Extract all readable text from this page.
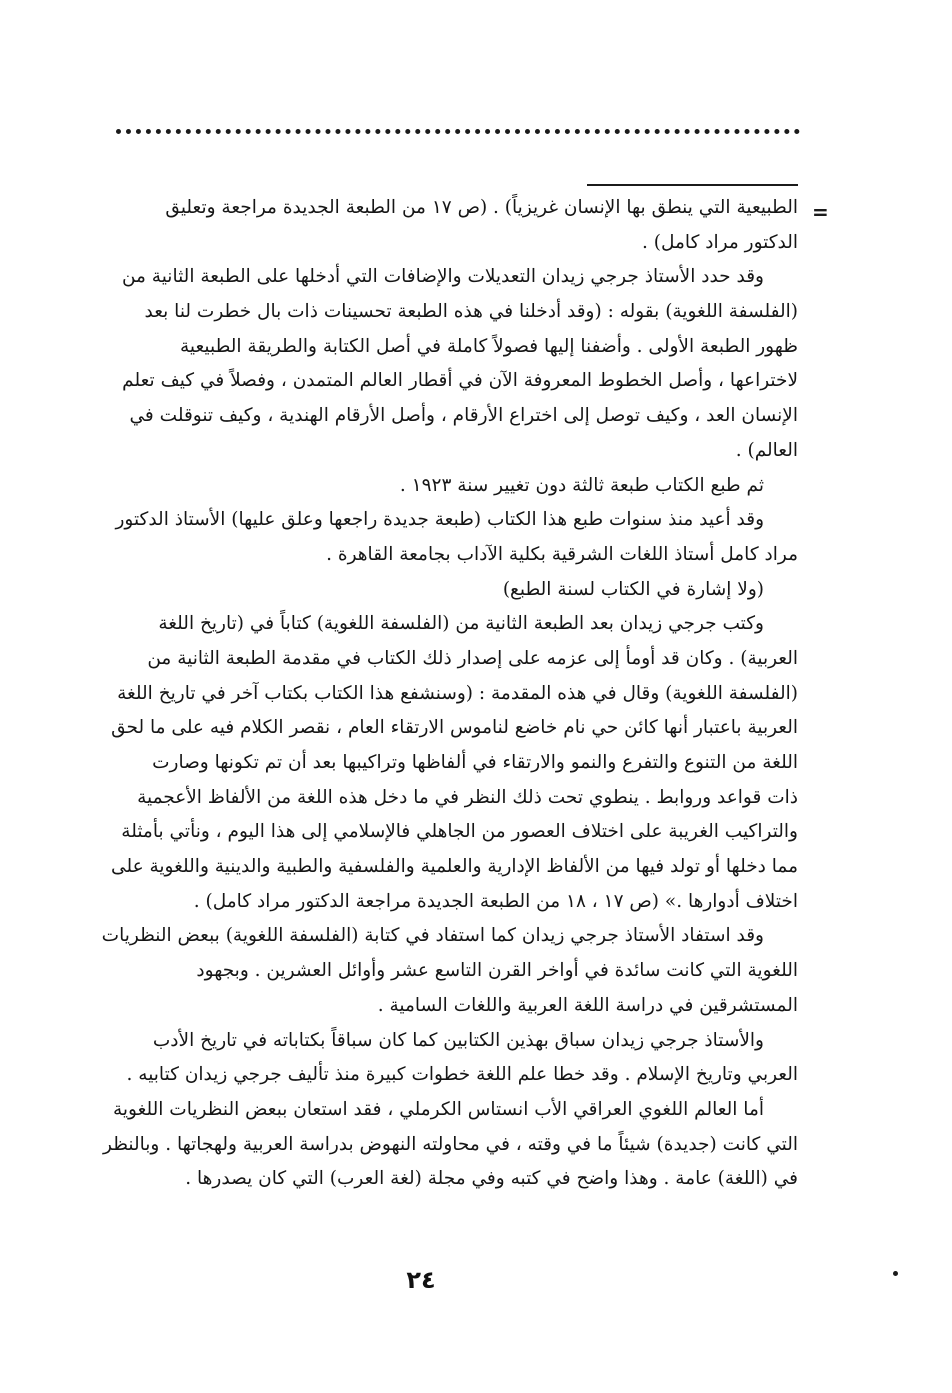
=
الطبيعية التي ينطق بها الإنسان غريزياً) . (ص ١٧ من الطبعة الجديدة مراجعة وتعليق
الدكتور مراد كامل) .
وقد حدد الأستاذ جرجي زيدان التعديلات والإضافات التي أدخلها على الطبعة الثانية من
(الفلسفة اللغوية) بقوله : (وقد أدخلنا في هذه الطبعة تحسينات ذات بال خطرت لنا بعد
ظهور الطبعة الأولى . وأضفنا إليها فصولاً كاملة في أصل الكتابة والطريقة الطبيعية
لاختراعها ، وأصل الخطوط المعروفة الآن في أقطار العالم المتمدن ، وفصلاً في كيف تعلم
الإنسان العد ، وكيف توصل إلى اختراع الأرقام ، وأصل الأرقام الهندية ، وكيف تنوقلت في
العالم) .
ثم طبع الكتاب طبعة ثالثة دون تغيير سنة ١٩٢٣ .
وقد أعيد منذ سنوات طبع هذا الكتاب (طبعة جديدة راجعها وعلق عليها) الأستاذ الدكتور
مراد كامل أستاذ اللغات الشرقية بكلية الآداب بجامعة القاهرة .
(ولا إشارة في الكتاب لسنة الطبع)
وكتب جرجي زيدان بعد الطبعة الثانية من (الفلسفة اللغوية) كتاباً في (تاريخ اللغة
العربية) . وكان قد أومأ إلى عزمه على إصدار ذلك الكتاب في مقدمة الطبعة الثانية من
(الفلسفة اللغوية) وقال في هذه المقدمة : (وسنشفع هذا الكتاب بكتاب آخر في تاريخ اللغة
العربية باعتبار أنها كائن حي نام خاضع لناموس الارتقاء العام ، نقصر الكلام فيه على ما لحق
اللغة من التنوع والتفرع والنمو والارتقاء في ألفاظها وتراكيبها بعد أن تم تكونها وصارت
ذات قواعد وروابط . ينطوي تحت ذلك النظر في ما دخل هذه اللغة من الألفاظ الأعجمية
والتراكيب الغريبة على اختلاف العصور من الجاهلي فالإسلامي إلى هذا اليوم ، ونأتي بأمثلة
مما دخلها أو تولد فيها من الألفاظ الإدارية والعلمية والفلسفية والطبية والدينية واللغوية على
اختلاف أدوارها .» (ص ١٧ ، ١٨ من الطبعة الجديدة مراجعة الدكتور مراد كامل) .
وقد استفاد الأستاذ جرجي زيدان كما استفاد في كتابة (الفلسفة اللغوية) ببعض النظريات
اللغوية التي كانت سائدة في أواخر القرن التاسع عشر وأوائل العشرين . وبجهود
المستشرقين في دراسة اللغة العربية واللغات السامية .
والأستاذ جرجي زيدان سباق بهذين الكتابين كما كان سباقاً بكتاباته في تاريخ الأدب
العربي وتاريخ الإسلام . وقد خطا علم اللغة خطوات كبيرة منذ تأليف جرجي زيدان كتابيه .
أما العالم اللغوي العراقي الأب انستاس الكرملي ، فقد استعان ببعض النظريات اللغوية
التي كانت (جديدة) شيئاً ما في وقته ، في محاولته النهوض بدراسة العربية ولهجاتها . وبالنظر
في (اللغة) عامة . وهذا واضح في كتبه وفي مجلة (لغة العرب) التي كان يصدرها .
٢٤
